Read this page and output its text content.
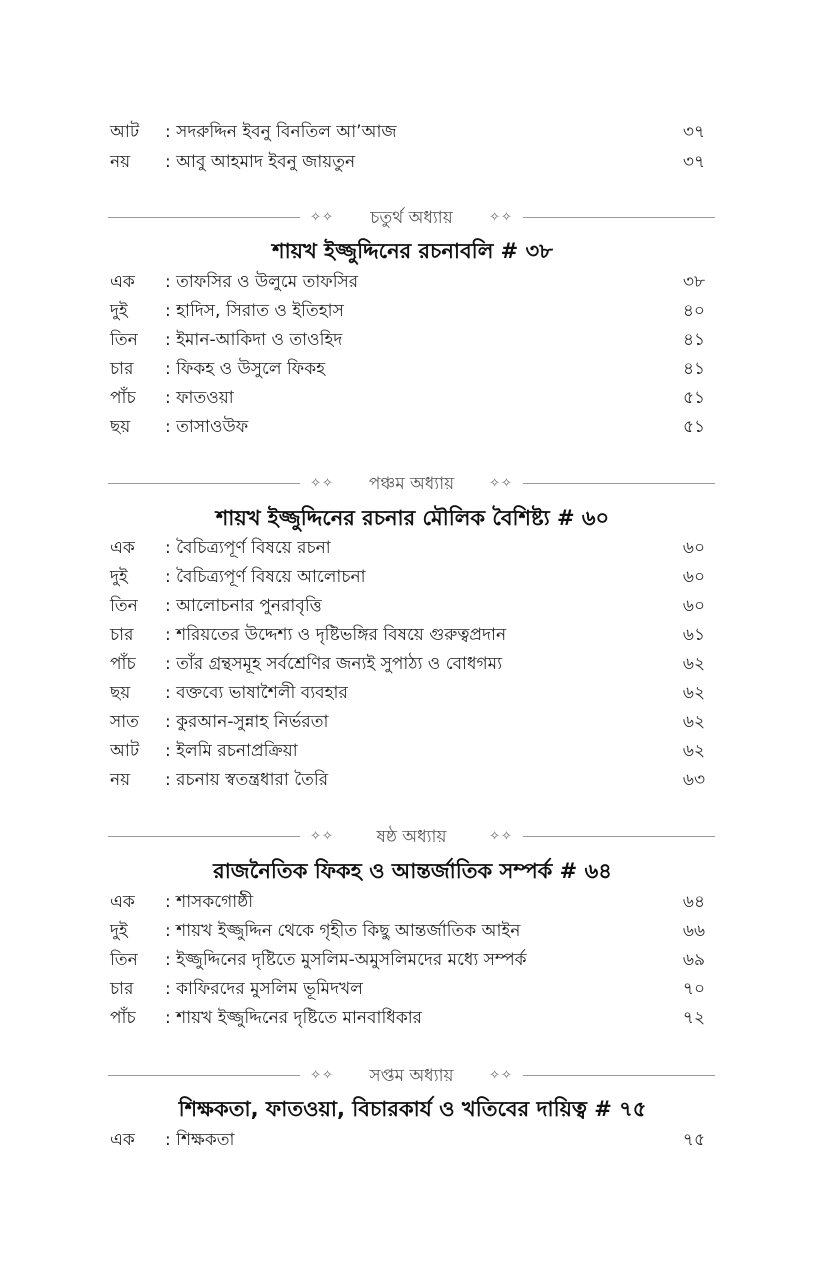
আট	: সদরুদ্দিন ইবনু বিনতিল আ’আজ	৩৭
নয়	: আবু আহমাদ ইবনু জায়তুন	৩৭
✧✧	চতুর্থ অধ্যায়	✧✧
শায়খ ইজ্জুদ্দিনের রচনাবলি # ৩৮
এক	: তাফসির ও উলুমে তাফসির	৩৮
দুই	: হাদিস, সিরাত ও ইতিহাস	৪০
তিন	: ইমান-আকিদা ও তাওহিদ	৪১
চার	: ফিকহ ও উসুলে ফিকহ	৪১
পাঁচ	: ফাতওয়া	৫১
ছয়	: তাসাওউফ	৫১
✧✧	পঞ্চম অধ্যায়	✧✧
শায়খ ইজ্জুদ্দিনের রচনার মৌলিক বৈশিষ্ট্য # ৬০
এক	: বৈচিত্র্যপূর্ণ বিষয়ে রচনা	৬০
দুই	: বৈচিত্র্যপূর্ণ বিষয়ে আলোচনা	৬০
তিন	: আলোচনার পুনরাবৃত্তি	৬০
চার	: শরিয়তের উদ্দেশ্য ও দৃষ্টিভঙ্গির বিষয়ে গুরুত্বপ্রদান	৬১
পাঁচ	: তাঁর গ্রন্থসমূহ সর্বশ্রেণির জন্যই সুপাঠ্য ও বোধগম্য	৬২
ছয়	: বক্তব্যে ভাষাশৈলী ব্যবহার	৬২
সাত	: কুরআন-সুন্নাহ নির্ভরতা	৬২
আট	: ইলমি রচনাপ্রক্রিয়া	৬২
নয়	: রচনায় স্বতন্ত্রধারা তৈরি	৬৩
✧✧	ষষ্ঠ অধ্যায়	✧✧
রাজনৈতিক ফিকহ ও আন্তর্জাতিক সম্পর্ক # ৬৪
এক	: শাসকগোষ্ঠী	৬৪
দুই	: শায়খ ইজ্জুদ্দিন থেকে গৃহীত কিছু আন্তর্জাতিক আইন	৬৬
তিন	: ইজ্জুদ্দিনের দৃষ্টিতে মুসলিম-অমুসলিমদের মধ্যে সম্পর্ক	৬৯
চার	: কাফিরদের মুসলিম ভূমিদখল	৭০
পাঁচ	: শায়খ ইজ্জুদ্দিনের দৃষ্টিতে মানবাধিকার	৭২
✧✧	সপ্তম অধ্যায়	✧✧
শিক্ষকতা, ফাতওয়া, বিচারকার্য ও খতিবের দায়িত্ব # ৭৫
এক	: শিক্ষকতা	৭৫
